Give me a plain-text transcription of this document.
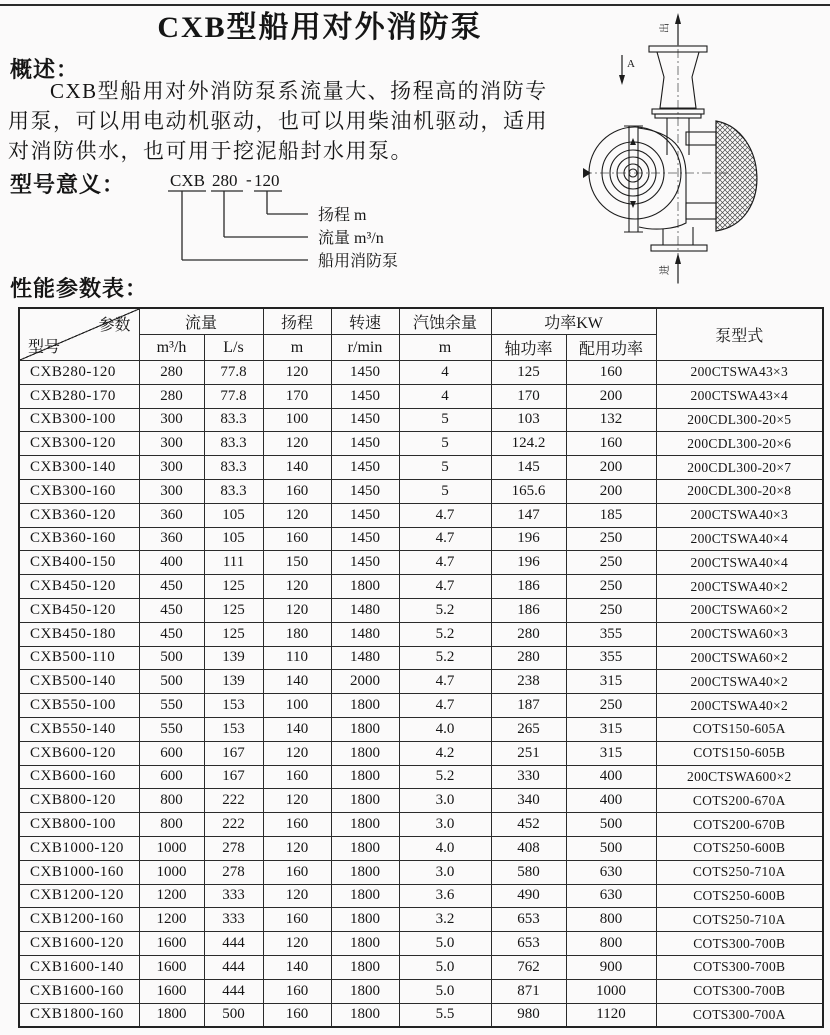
CXB型船用对外消防泵
概述：

CXB型船用对外消防泵系流量大、扬程高的消防专用泵，可以用电动机驱动，也可以用柴油机驱动，适用对消防供水，也可用于挖泥船封水用泵。

型号意义：	CXB 280 - 120
扬程 m
流量 m³/n
船用消防泵
出
A
进
性能参数表：
参数
型号	流量		扬程	转速	汽蚀余量	功率KW		泵型式
	m³/h	L/s	m	r/min	m	轴功率	配用功率	
CXB280-120	280	77.8	120	1450	4	125	160	200CTSWA43×3
CXB280-170	280	77.8	170	1450	4	170	200	200CTSWA43×4
CXB300-100	300	83.3	100	1450	5	103	132	200CDL300-20×5
CXB300-120	300	83.3	120	1450	5	124.2	160	200CDL300-20×6
CXB300-140	300	83.3	140	1450	5	145	200	200CDL300-20×7
CXB300-160	300	83.3	160	1450	5	165.6	200	200CDL300-20×8
CXB360-120	360	105	120	1450	4.7	147	185	200CTSWA40×3
CXB360-160	360	105	160	1450	4.7	196	250	200CTSWA40×4
CXB400-150	400	111	150	1450	4.7	196	250	200CTSWA40×4
CXB450-120	450	125	120	1800	4.7	186	250	200CTSWA40×2
CXB450-120	450	125	120	1480	5.2	186	250	200CTSWA60×2
CXB450-180	450	125	180	1480	5.2	280	355	200CTSWA60×3
CXB500-110	500	139	110	1480	5.2	280	355	200CTSWA60×2
CXB500-140	500	139	140	2000	4.7	238	315	200CTSWA40×2
CXB550-100	550	153	100	1800	4.7	187	250	200CTSWA40×2
CXB550-140	550	153	140	1800	4.0	265	315	COTS150-605A
CXB600-120	600	167	120	1800	4.2	251	315	COTS150-605B
CXB600-160	600	167	160	1800	5.2	330	400	200CTSWA600×2
CXB800-120	800	222	120	1800	3.0	340	400	COTS200-670A
CXB800-100	800	222	160	1800	3.0	452	500	COTS200-670B
CXB1000-120	1000	278	120	1800	4.0	408	500	COTS250-600B
CXB1000-160	1000	278	160	1800	3.0	580	630	COTS250-710A
CXB1200-120	1200	333	120	1800	3.6	490	630	COTS250-600B
CXB1200-160	1200	333	160	1800	3.2	653	800	COTS250-710A
CXB1600-120	1600	444	120	1800	5.0	653	800	COTS300-700B
CXB1600-140	1600	444	140	1800	5.0	762	900	COTS300-700B
CXB1600-160	1600	444	160	1800	5.0	871	1000	COTS300-700B
CXB1800-160	1800	500	160	1800	5.5	980	1120	COTS300-700A
